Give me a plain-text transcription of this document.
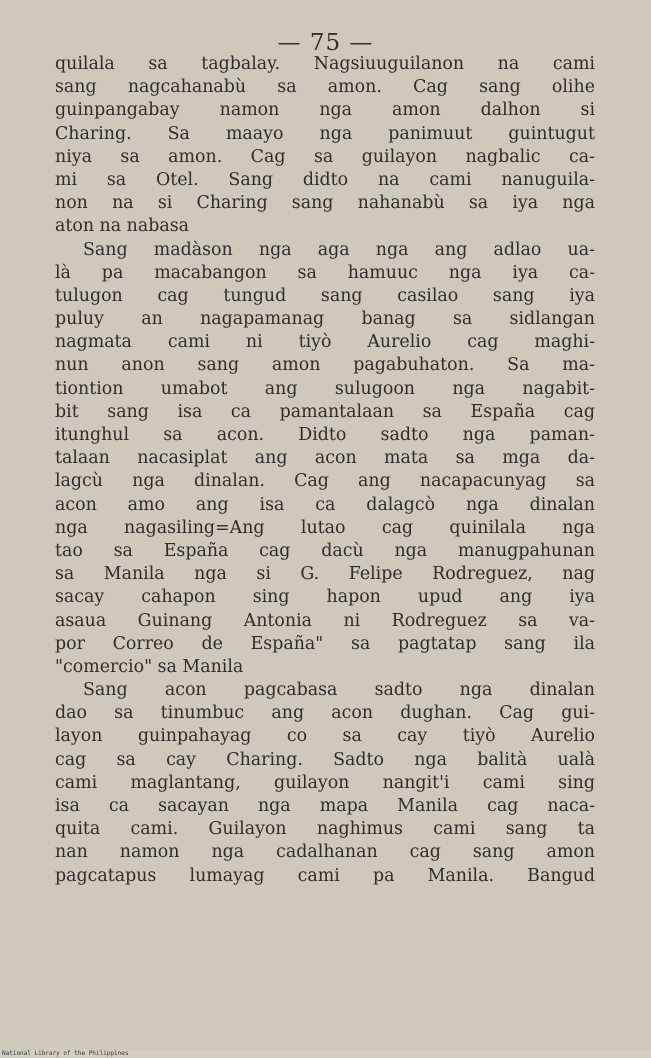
— 75 —
quilala sa tagbalay. Nagsiuuguilanon na cami
sang nagcahanabù sa amon. Cag sang olihe
guinpangabay namon nga amon dalhon si
Charing. Sa maayo nga panimuut guintugut
niya sa amon. Cag sa guilayon nagbalic ca-
mi sa Otel. Sang didto na cami nanuguila-
non na si Charing sang nahanabù sa iya nga
aton na nabasa
Sang madàson nga aga nga ang adlao ua-
là pa macabangon sa hamuuc nga iya ca-
tulugon cag tungud sang casilao sang iya
puluy an nagapamanag banag sa sidlangan
nagmata cami ni tiyò Aurelio cag maghi-
nun anon sang amon pagabuhaton. Sa ma-
tiontion umabot ang sulugoon nga nagabit-
bit sang isa ca pamantalaan sa España cag
itunghul sa acon. Didto sadto nga paman-
talaan nacasiplat ang acon mata sa mga da-
lagcù nga dinalan. Cag ang nacapacunyag sa
acon amo ang isa ca dalagcò nga dinalan
nga nagasiling=Ang lutao cag quinilala nga
tao sa España cag dacù nga manugpahunan
sa Manila nga si G. Felipe Rodreguez, nag
sacay cahapon sing hapon upud ang iya
asaua Guinang Antonia ni Rodreguez sa va-
por Correo de España" sa pagtatap sang ila
"comercio" sa Manila
Sang acon pagcabasa sadto nga dinalan
dao sa tinumbuc ang acon dughan. Cag gui-
layon guinpahayag co sa cay tiyò Aurelio
cag sa cay Charing. Sadto nga balità ualà
cami maglantang, guilayon nangit'i cami sing
isa ca sacayan nga mapa Manila cag naca-
quita cami. Guilayon naghimus cami sang ta
nan namon nga cadalhanan cag sang amon
pagcatapus lumayag cami pa Manila. Bangud
National Library of the Philippines
